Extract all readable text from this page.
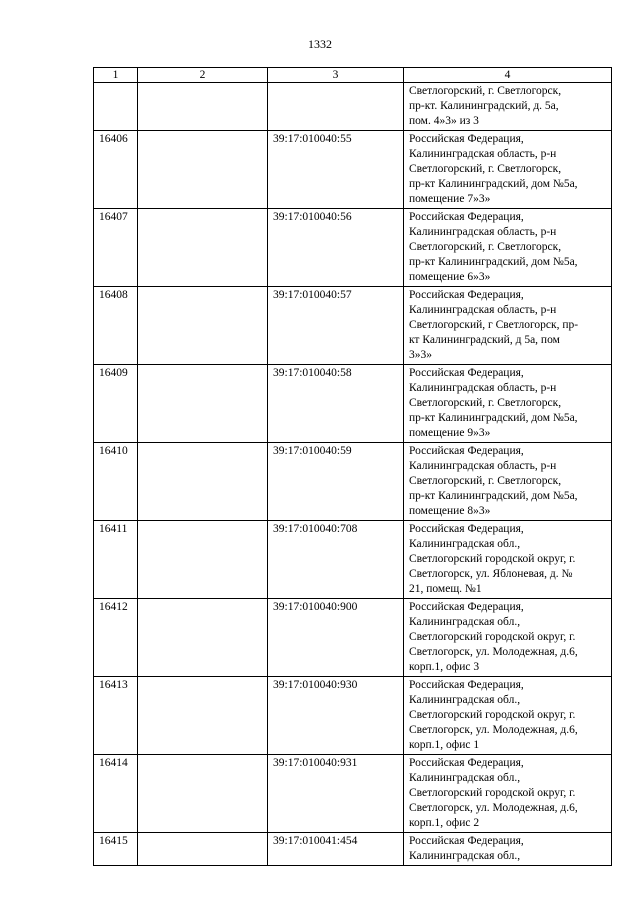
1332
1	2	3	4
			Светлогорский, г. Светлогорск,
пр-кт. Калининградский, д. 5а,
пом. 4»3» из 3
16406		39:17:010040:55	Российская Федерация,
Калининградская область, р-н
Светлогорский, г. Светлогорск,
пр-кт Калининградский, дом №5а,
помещение 7»3»
16407		39:17:010040:56	Российская Федерация,
Калининградская область, р-н
Светлогорский, г. Светлогорск,
пр-кт Калининградский, дом №5а,
помещение 6»3»
16408		39:17:010040:57	Российская Федерация,
Калининградская область, р-н
Светлогорский, г Светлогорск, пр-
кт Калининградский, д 5а, пом
3»3»
16409		39:17:010040:58	Российская Федерация,
Калининградская область, р-н
Светлогорский, г. Светлогорск,
пр-кт Калининградский, дом №5а,
помещение 9»3»
16410		39:17:010040:59	Российская Федерация,
Калининградская область, р-н
Светлогорский, г. Светлогорск,
пр-кт Калининградский, дом №5а,
помещение 8»3»
16411		39:17:010040:708	Российская Федерация,
Калининградская обл.,
Светлогорский городской округ, г.
Светлогорск, ул. Яблоневая, д. №
21, помещ. №1
16412		39:17:010040:900	Российская Федерация,
Калининградская обл.,
Светлогорский городской округ, г.
Светлогорск, ул. Молодежная, д.6,
корп.1, офис 3
16413		39:17:010040:930	Российская Федерация,
Калининградская обл.,
Светлогорский городской округ, г.
Светлогорск, ул. Молодежная, д.6,
корп.1, офис 1
16414		39:17:010040:931	Российская Федерация,
Калининградская обл.,
Светлогорский городской округ, г.
Светлогорск, ул. Молодежная, д.6,
корп.1, офис 2
16415		39:17:010041:454	Российская Федерация,
Калининградская обл.,
